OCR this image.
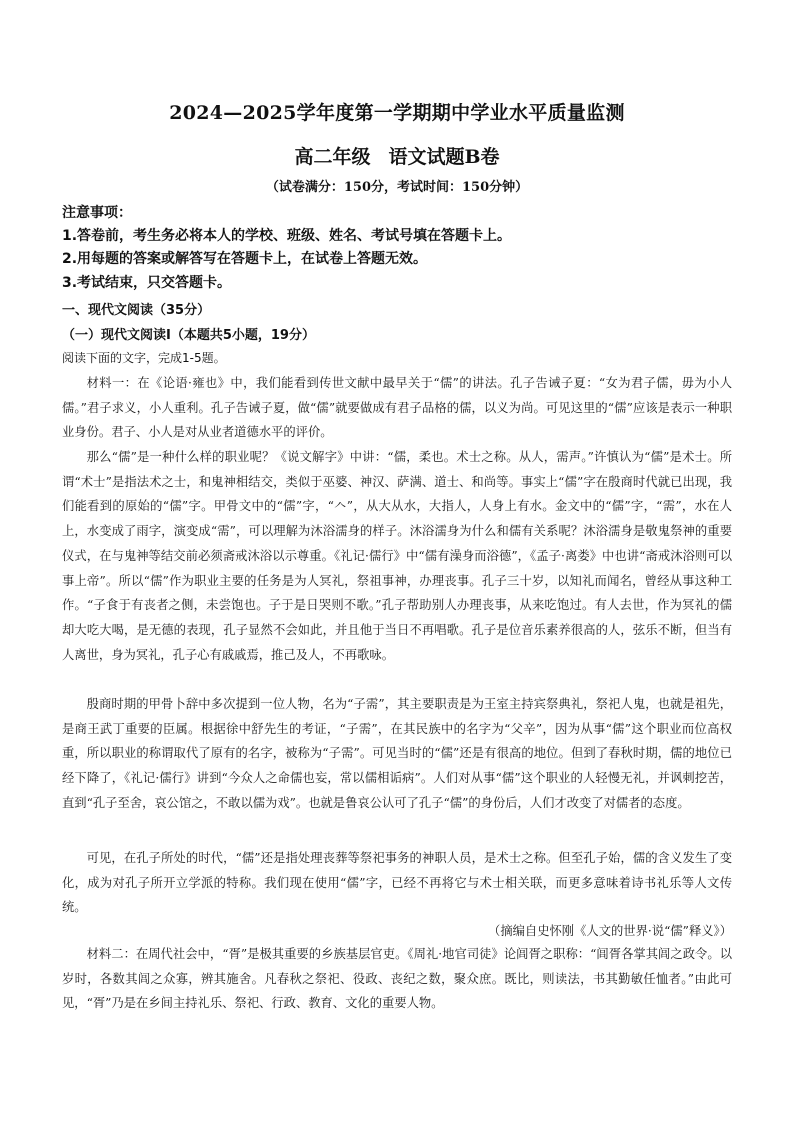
2024—2025学年度第一学期期中学业水平质量监测
高二年级 语文试题B卷
（试卷满分：150分，考试时间：150分钟）
注意事项：
1.答卷前，考生务必将本人的学校、班级、姓名、考试号填在答题卡上。
2.用每题的答案或解答写在答题卡上，在试卷上答题无效。
3.考试结束，只交答题卡。
一、现代文阅读（35分）
（一）现代文阅读Ⅰ（本题共5小题，19分）
阅读下面的文字，完成1-5题。

材料一：在《论语·雍也》中，我们能看到传世文献中最早关于“儒”的讲法。孔子告诫子夏：“女为君子儒，毋为小人儒。”君子求义，小人重利。孔子告诫子夏，做“儒”就要做成有君子品格的儒，以义为尚。可见这里的“儒”应该是表示一种职业身份。君子、小人是对从业者道德水平的评价。

那么“儒”是一种什么样的职业呢？《说文解字》中讲：“儒，柔也。术士之称。从人，需声。”许慎认为“儒”是术士。所谓“术士”是指法术之士，和鬼神相结交，类似于巫婆、神汉、萨满、道士、和尚等。事实上“儒”字在殷商时代就已出现，我们能看到的原始的“儒”字。甲骨文中的“儒”字，“𠆢”，从大从水，大指人，人身上有水。金文中的“儒”字，“需”，水在人上，水变成了雨字，演变成“需”，可以理解为沐浴濡身的样子。沐浴濡身为什么和儒有关系呢？沐浴濡身是敬鬼祭神的重要仪式，在与鬼神等结交前必须斋戒沐浴以示尊重。《礼记·儒行》中“儒有澡身而浴德”，《孟子·离娄》中也讲“斋戒沐浴则可以事上帝”。所以“儒”作为职业主要的任务是为人冥礼，祭祖事神，办理丧事。孔子三十岁，以知礼而闻名，曾经从事这种工作。“子食于有丧者之侧，未尝饱也。子于是日哭则不歌。”孔子帮助别人办理丧事，从来吃饱过。有人去世，作为冥礼的儒却大吃大喝，是无德的表现，孔子显然不会如此，并且他于当日不再唱歌。孔子是位音乐素养很高的人，弦乐不断，但当有人离世，身为冥礼，孔子心有戚戚焉，推己及人，不再歌咏。

殷商时期的甲骨卜辞中多次提到一位人物，名为“子需”，其主要职责是为王室主持宾祭典礼，祭祀人鬼，也就是祖先，是商王武丁重要的臣属。根据徐中舒先生的考证，“子需”，在其民族中的名字为“父辛”，因为从事“儒”这个职业而位高权重，所以职业的称谓取代了原有的名字，被称为“子需”。可见当时的“儒”还是有很高的地位。但到了春秋时期，儒的地位已经下降了，《礼记·儒行》讲到“今众人之命儒也妄，常以儒相诟病”。人们对从事“儒”这个职业的人轻慢无礼，并讽刺挖苦，直到“孔子至舍，哀公馆之，不敢以儒为戏”。也就是鲁哀公认可了孔子“儒”的身份后，人们才改变了对儒者的态度。

可见，在孔子所处的时代，“儒”还是指处理丧葬等祭祀事务的神职人员，是术士之称。但至孔子始，儒的含义发生了变化，成为对孔子所开立学派的特称。我们现在使用“儒”字，已经不再将它与术士相关联，而更多意味着诗书礼乐等人文传统。

（摘编自史怀刚《人文的世界·说“儒”释义》）

材料二：在周代社会中，“胥”是极其重要的乡族基层官吏。《周礼·地官司徒》论闾胥之职称：“闾胥各掌其闾之政令。以岁时，各数其闾之众寡，辨其施舍。凡春秋之祭祀、役政、丧纪之数，聚众庶。既比，则读法，书其勤敏任恤者。”由此可见，“胥”乃是在乡间主持礼乐、祭祀、行政、教育、文化的重要人物。
